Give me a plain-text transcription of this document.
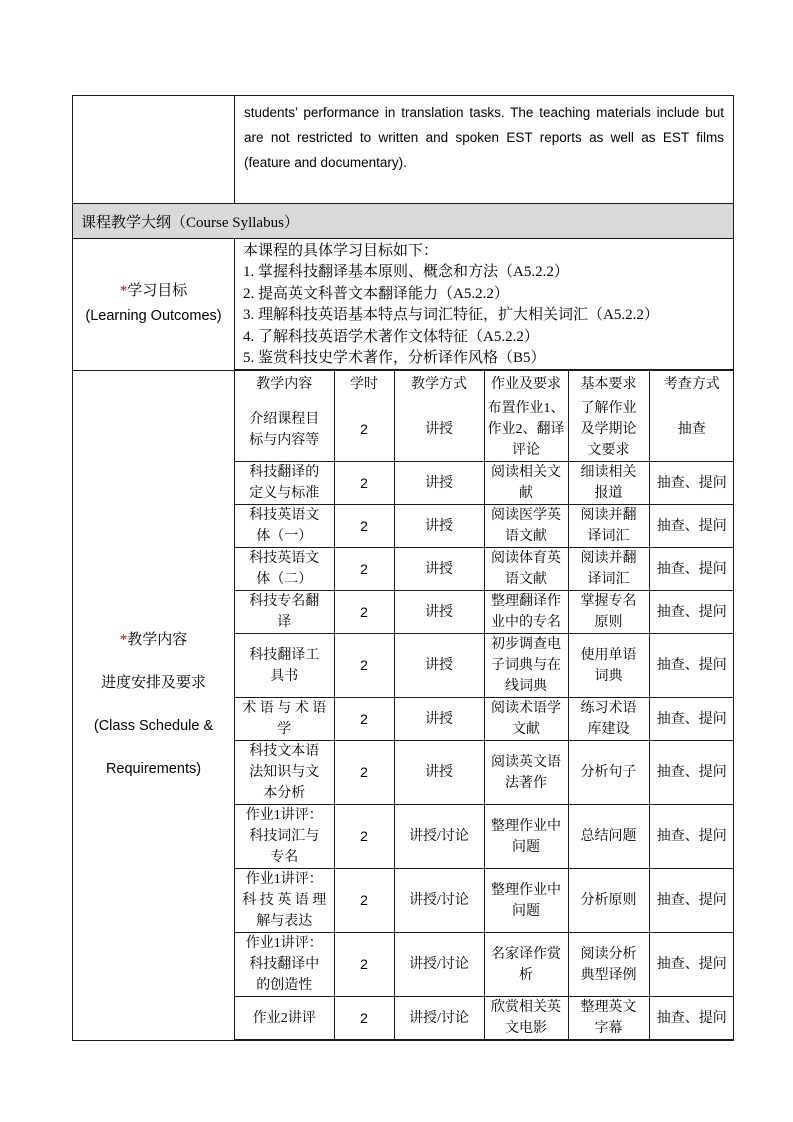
	students’ performance in translation tasks. The teaching materials include but are not restricted to written and spoken EST reports as well as EST films (feature and documentary).
课程教学大纲（Course Syllabus）

*学习目标
(Learning Outcomes)

本课程的具体学习目标如下：
1. 掌握科技翻译基本原则、概念和方法（A5.2.2）
2. 提高英文科普文本翻译能力（A5.2.2）
3. 理解科技英语基本特点与词汇特征，扩大相关词汇（A5.2.2）
4. 了解科技英语学术著作文体特征（A5.2.2）
5. 鉴赏科技史学术著作，分析译作风格（B5）

*教学内容
进度安排及要求
(Class Schedule &
Requirements)

教学内容	学时	教学方式	作业及要求	基本要求	考查方式
介绍课程目
标与内容等	2	讲授	布置作业1、
作业2、翻译
评论	了解作业
及学期论
文要求	抽查
科技翻译的
定义与标准	2	讲授	阅读相关文
献	细读相关
报道	抽查、提问
科技英语文
体（一）	2	讲授	阅读医学英
语文献	阅读并翻
译词汇	抽查、提问
科技英语文
体（二）	2	讲授	阅读体育英
语文献	阅读并翻
译词汇	抽查、提问
科技专名翻
译	2	讲授	整理翻译作
业中的专名	掌握专名
原则	抽查、提问
科技翻译工
具书	2	讲授	初步调查电
子词典与在
线词典	使用单语
词典	抽查、提问
术 语 与 术 语
学	2	讲授	阅读术语学
文献	练习术语
库建设	抽查、提问
科技文本语
法知识与文
本分析	2	讲授	阅读英文语
法著作	分析句子	抽查、提问
作业1讲评：
科技词汇与
专名	2	讲授/讨论	整理作业中
问题	总结问题	抽查、提问
作业1讲评：
科 技 英 语 理
解与表达	2	讲授/讨论	整理作业中
问题	分析原则	抽查、提问
作业1讲评：
科技翻译中
的创造性	2	讲授/讨论	名家译作赏
析	阅读分析
典型译例	抽查、提问
作业2讲评	2	讲授/讨论	欣赏相关英
文电影	整理英文
字幕	抽查、提问
